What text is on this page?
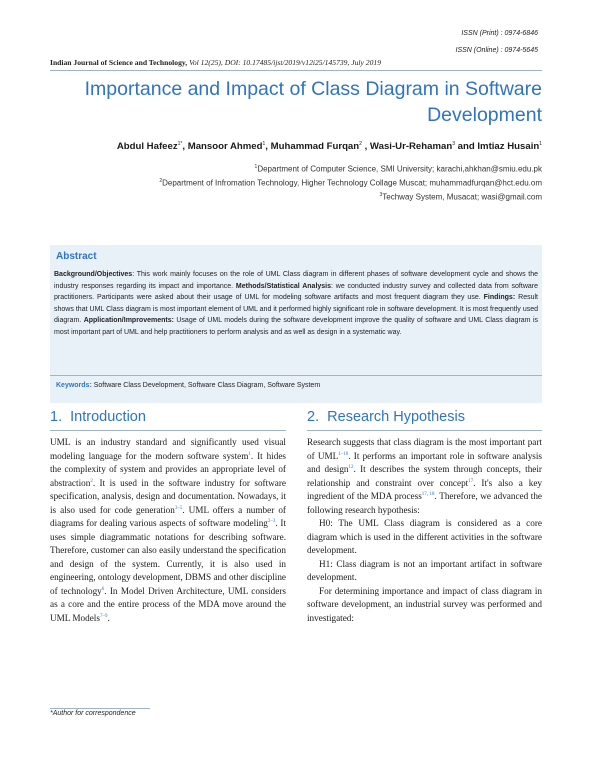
ISSN (Print) : 0974-6846
ISSN (Online) : 0974-5645
Indian Journal of Science and Technology, Vol 12(25), DOI: 10.17485/ijst/2019/v12i25/145739, July 2019
Importance and Impact of Class Diagram in Software
Development
Abdul Hafeez$^{1*}$, Mansoor Ahmed$^1$, Muhammad Furqan$^2$ , Wasi-Ur-Rehaman$^3$ and Imtiaz Husain$^1$
$^1$Department of Computer Science, SMI University; karachi,ahkhan@smiu.edu.pk
$^2$Department of Infromation Technology, Higher Technology Collage Muscat; muhammadfurqan@hct.edu.om
$^3$Techway System, Musacat; wasi@gmail.com
Abstract
Background/Objectives: This work mainly focuses on the role of UML Class diagram in different phases of software development cycle and shows the industry responses regarding its impact and importance. Methods/Statistical Analysis: we conducted industry survey and collected data from software practitioners. Participants were asked about their usage of UML for modeling software artifacts and most frequent diagram they use. Findings: Result shows that UML Class diagram is most important element of UML and it performed highly significant role in software development. It is most frequently used diagram. Application/Improvements: Usage of UML models during the software development improve the quality of software and UML Class diagram is most important part of UML and help practitioners to perform analysis and as well as design in a systematic way.
Keywords: Software Class Development, Software Class Diagram, Software System
1. Introduction	2. Research Hypothesis

UML is an industry standard and significantly used visual modeling language for the modern software system$^1$. It hides the complexity of system and provides an appropriate level of abstraction$^2$. It is used in the software industry for software specification, analysis, design and documentation. Nowadays, it is also used for code generation$^{3-5}$. UML offers a number of diagrams for dealing various aspects of software modeling$^{2-3}$. It uses simple diagrammatic notations for describing software. Therefore, customer can also easily understand the specification and design of the system. Currently, it is also used in engineering, ontology development, DBMS and other discipline of technology$^6$. In Model Driven Architecture, UML considers as a core and the entire process of the MDA move around the UML Models$^{7-9}$.

Research suggests that class diagram is the most important part of UML$^{1-10}$. It performs an important role in software analysis and design$^{12}$. It describes the system through concepts, their relationship and constraint over concept$^{17}$. It's also a key ingredient of the MDA process$^{17, 18}$. Therefore, we advanced the following research hypothesis:

H0: The UML Class diagram is considered as a core diagram which is used in the different activities in the software development.

H1: Class diagram is not an important artifact in software development.

For determining importance and impact of class diagram in software development, an industrial survey was performed and investigated:

*Author for correspondence
